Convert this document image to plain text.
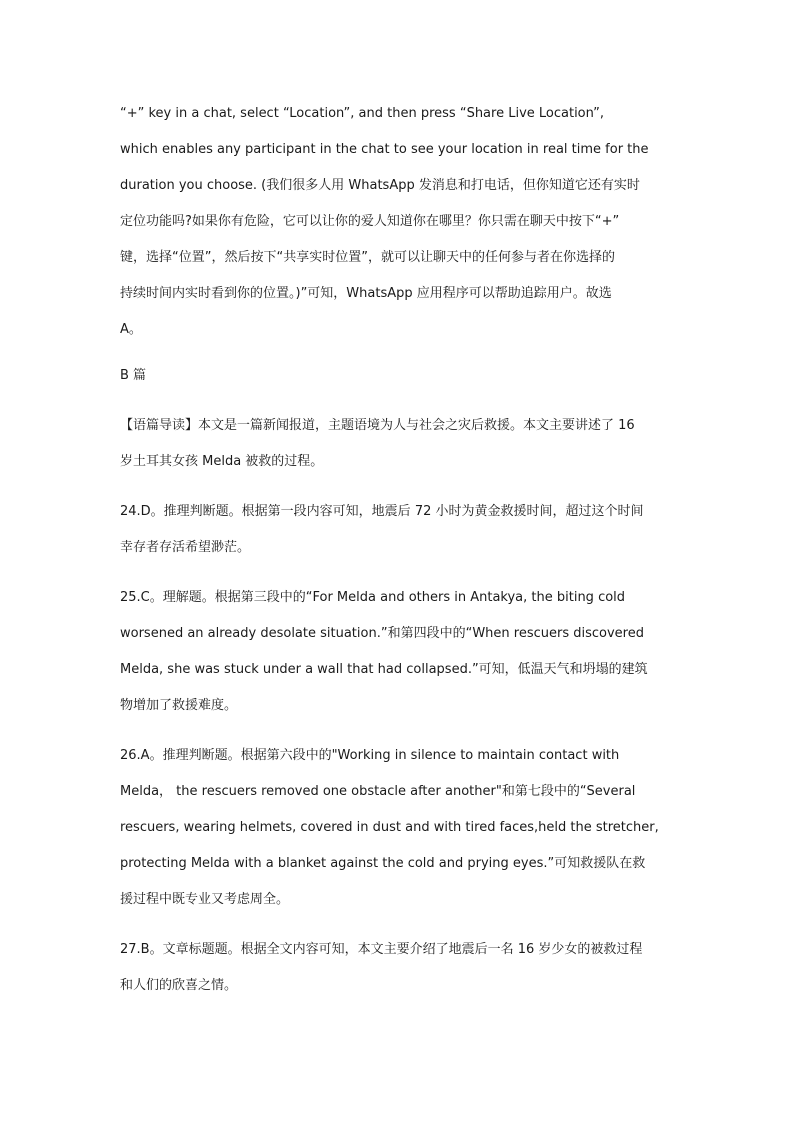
“+” key in a chat, select “Location”, and then press “Share Live Location”,
which enables any participant in the chat to see your location in real time for the
duration you choose. (我们很多人用 WhatsApp 发消息和打电话，但你知道它还有实时
定位功能吗?如果你有危险，它可以让你的爱人知道你在哪里？你只需在聊天中按下“+”
键，选择“位置”，然后按下“共享实时位置”，就可以让聊天中的任何参与者在你选择的
持续时间内实时看到你的位置。)”可知，WhatsApp 应用程序可以帮助追踪用户。故选
A。
B 篇
【语篇导读】本文是一篇新闻报道，主题语境为人与社会之灾后救援。本文主要讲述了 16
岁土耳其女孩 Melda 被救的过程。
24.D。推理判断题。根据第一段内容可知，地震后 72 小时为黄金救援时间，超过这个时间
幸存者存活希望渺茫。
25.C。理解题。根据第三段中的“For Melda and others in Antakya, the biting cold
worsened an already desolate situation.”和第四段中的“When rescuers discovered
Melda, she was stuck under a wall that had collapsed.”可知，低温天气和坍塌的建筑
物增加了救援难度。
26.A。推理判断题。根据第六段中的"Working in silence to maintain contact with
Melda， the rescuers removed one obstacle after another"和第七段中的“Several
rescuers, wearing helmets, covered in dust and with tired faces,held the stretcher,
protecting Melda with a blanket against the cold and prying eyes.”可知救援队在救
援过程中既专业又考虑周全。
27.B。文章标题题。根据全文内容可知，本文主要介绍了地震后一名 16 岁少女的被救过程
和人们的欣喜之情。
